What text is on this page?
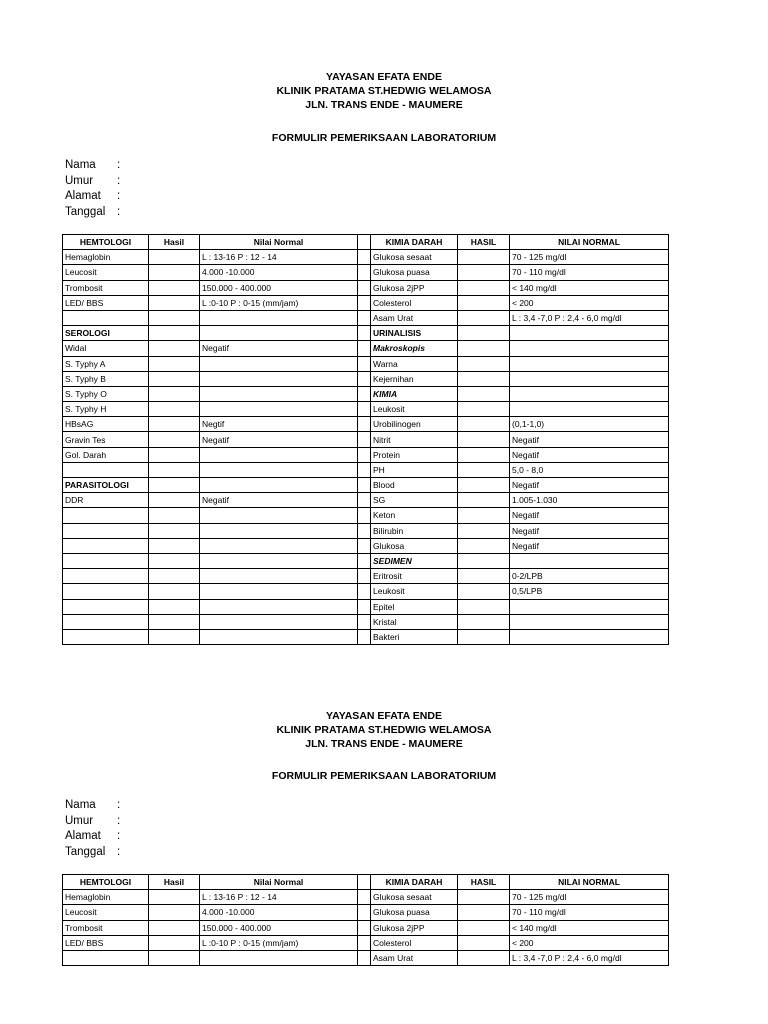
YAYASAN EFATA ENDE
KLINIK PRATAMA ST.HEDWIG WELAMOSA
JLN. TRANS ENDE - MAUMERE
FORMULIR PEMERIKSAAN LABORATORIUM
Nama	:
Umur	:
Alamat	:
Tanggal	:
HEMTOLOGI	Hasil	Nilai Normal		KIMIA DARAH	HASIL	NILAI NORMAL
Hemaglobin		L : 13-16 P : 12 - 14		Glukosa sesaat		70 - 125 mg/dl
Leucosit		4.000 -10.000		Glukosa puasa		70 - 110 mg/dl
Trombosit		150.000 - 400.000		Glukosa 2jPP		< 140 mg/dl
LED/ BBS		L :0-10 P : 0-15 (mm/jam)		Colesterol		< 200
				Asam Urat		L : 3,4 -7,0 P : 2,4 - 6,0 mg/dl
SEROLOGI				URINALISIS		
Widal		Negatif		Makroskopis		
S. Typhy A				Warna		
S. Typhy B				Kejernihan		
S. Typhy O				KIMIA		
S. Typhy H				Leukosit		
HBsAG		Negtif		Urobilinogen		(0,1-1,0)
Gravin Tes		Negatif		Nitrit		Negatif
Gol. Darah				Protein		Negatif
				PH		5,0 - 8,0
PARASITOLOGI				Blood		Negatif
DDR		Negatif		SG		1.005-1.030
				Keton		Negatif
				Bilirubin		Negatif
				Glukosa		Negatif
				SEDIMEN		
				Eritrosit		0-2/LPB
				Leukosit		0,5/LPB
				Epitel		
				Kristal		
				Bakteri		
YAYASAN EFATA ENDE
KLINIK PRATAMA ST.HEDWIG WELAMOSA
JLN. TRANS ENDE - MAUMERE
FORMULIR PEMERIKSAAN LABORATORIUM
Nama	:
Umur	:
Alamat	:
Tanggal	:
HEMTOLOGI	Hasil	Nilai Normal		KIMIA DARAH	HASIL	NILAI NORMAL
Hemaglobin		L : 13-16 P : 12 - 14		Glukosa sesaat		70 - 125 mg/dl
Leucosit		4.000 -10.000		Glukosa puasa		70 - 110 mg/dl
Trombosit		150.000 - 400.000		Glukosa 2jPP		< 140 mg/dl
LED/ BBS		L :0-10 P : 0-15 (mm/jam)		Colesterol		< 200
				Asam Urat		L : 3,4 -7,0 P : 2,4 - 6,0 mg/dl
